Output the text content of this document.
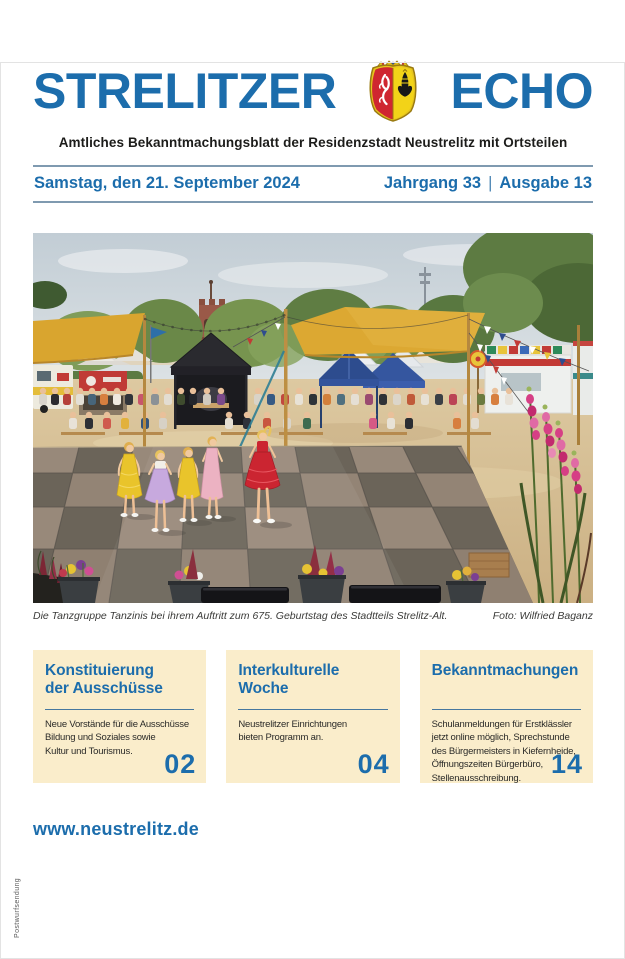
STRELITZER ECHO
Amtliches Bekanntmachungsblatt der Residenzstadt Neustrelitz mit Ortsteilen
Samstag, den 21. September 2024	Jahrgang 33 | Ausgabe 13
Die Tanzgruppe Tanzinis bei ihrem Auftritt zum 675. Geburtstag des Stadtteils Strelitz-Alt.	Foto: Wilfried Baganz
Konstituierung
der Ausschüsse
Neue Vorstände für die Ausschüsse
Bildung und Soziales sowie
Kultur und Tourismus.	02
Interkulturelle
Woche
Neustrelitzer Einrichtungen
bieten Programm an.
04
Bekanntmachungen
Schulanmeldungen für Erstklässler jetzt online möglich, Sprechstunde des Bürgermeisters in Kiefernheide, Öffnungszeiten Bürgerbüro, Stellenausschreibung.	14
www.neustrelitz.de
Postwurfsendung
